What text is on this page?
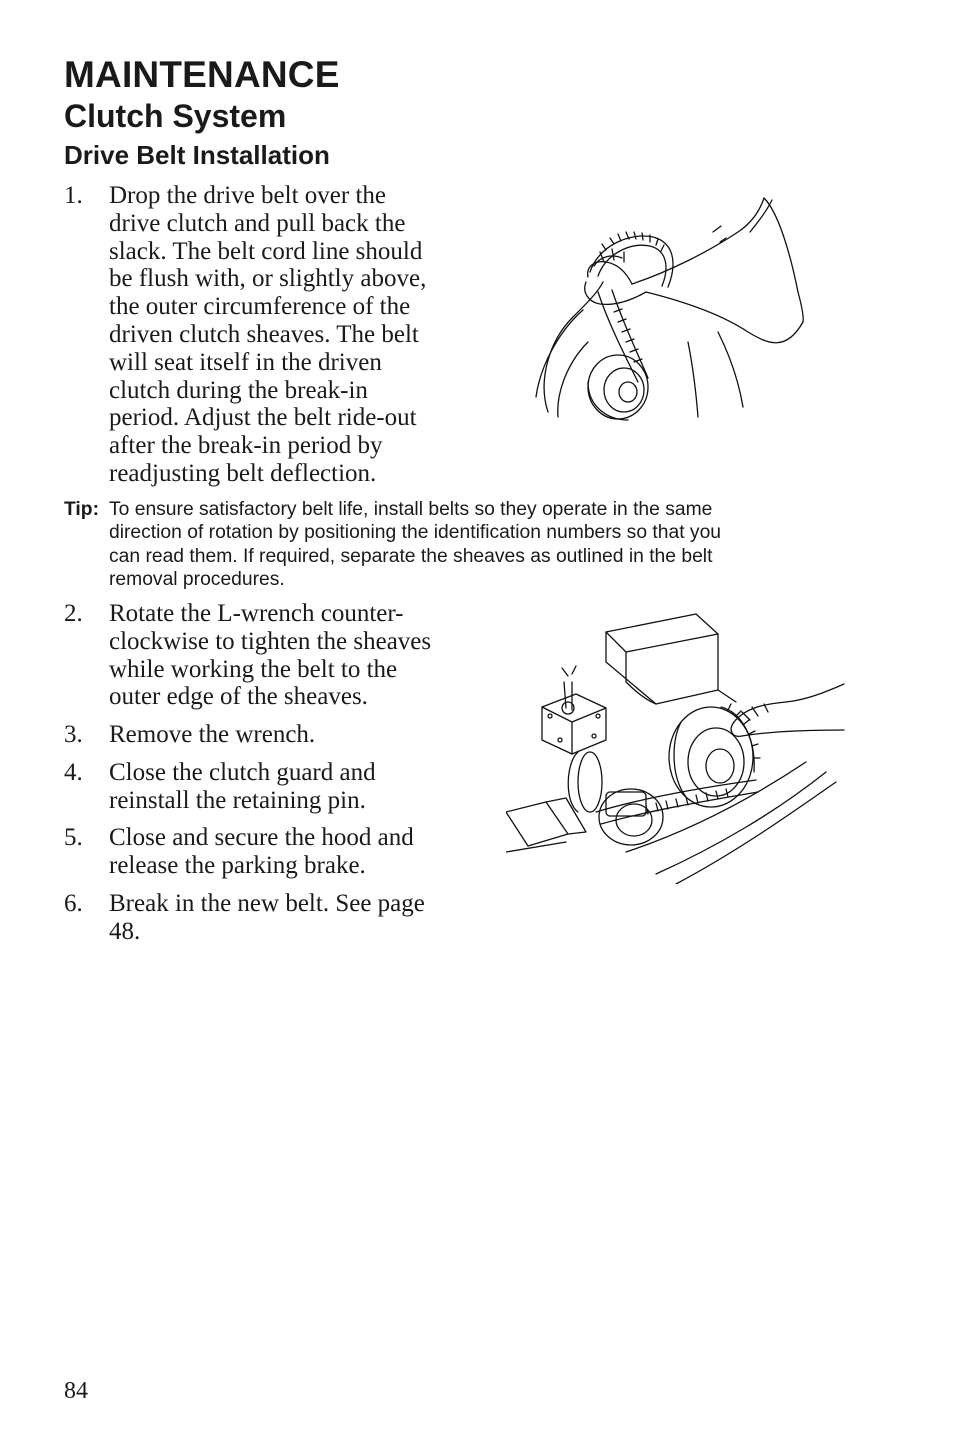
MAINTENANCE
Clutch System
Drive Belt Installation
1. Drop the drive belt over the
drive clutch and pull back the
slack. The belt cord line should
be flush with, or slightly above,
the outer circumference of the
driven clutch sheaves. The belt
will seat itself in the driven
clutch during the break-in
period. Adjust the belt ride-out
after the break-in period by
readjusting belt deflection.
Tip: To ensure satisfactory belt life, install belts so they operate in the same
direction of rotation by positioning the identification numbers so that you
can read them. If required, separate the sheaves as outlined in the belt
removal procedures.
2. Rotate the L-wrench counter-
clockwise to tighten the sheaves
while working the belt to the
outer edge of the sheaves.
3. Remove the wrench.
4. Close the clutch guard and
reinstall the retaining pin.
5. Close and secure the hood and
release the parking brake.
6. Break in the new belt. See page
48.
84
